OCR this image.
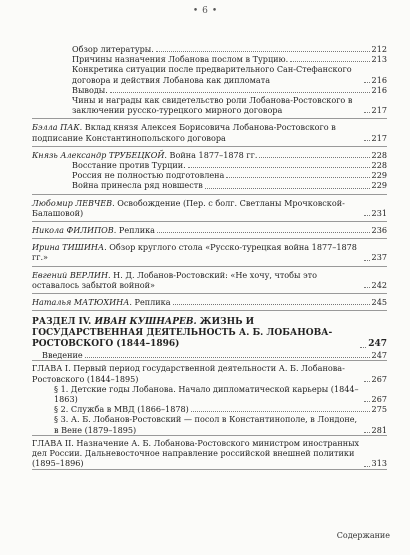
• 6 •
Обзор литературы.	212
Причины назначения Лобанова послом в Турцию.	213
Конкретика ситуации после предварительного Сан-Стефанского договора и действия Лобанова как дипломата	216
Выводы.	216
Чины и награды как свидетельство роли Лобанова-Ростовского в заключении русско-турецкого мирного договора	217
Бэлла ПАК. Вклад князя Алексея Борисовича Лобанова-Ростовского в подписание Константинопольского договора	217
Князь Александр ТРУБЕЦКОЙ. Война 1877–1878 гг.	228
Восстание против Турции.	228
Россия не полностью подготовлена	229
Война принесла ряд новшеств	229
Любомир ЛЕВЧЕВ. Освобождение (Пер. с болг. Светланы Мрочковской-Балашовой)	231
Никола ФИЛИПОВ. Реплика	236
Ирина ТИШИНА. Обзор круглого стола «Русско-турецкая война 1877–1878 гг.»	237
Евгений ВЕРЛИН. Н. Д. Лобанов-Ростовский: «Не хочу, чтобы это оставалось забытой войной»	242
Наталья МАТЮХИНА. Реплика	245
РАЗДЕЛ IV. ИВАН КУШНАРЕВ. ЖИЗНЬ И ГОСУДАРСТВЕННАЯ ДЕЯТЕЛЬНОСТЬ А. Б. ЛОБАНОВА-РОСТОВСКОГО (1844–1896)	247
Введение	247
ГЛАВА I. Первый период государственной деятельности А. Б. Лобанова-Ростовского (1844–1895)	267
§ 1. Детские годы Лобанова. Начало дипломатической карьеры (1844–1863)	267
§ 2. Служба в МВД (1866–1878)	275
§ 3. А. Б. Лобанов-Ростовский — посол в Константинополе, в Лондоне, в Вене (1879–1895)	281
ГЛАВА II. Назначение А. Б. Лобанова-Ростовского министром иностранных дел России. Дальневосточное направление российской внешней политики (1895–1896)	313
Содержание
